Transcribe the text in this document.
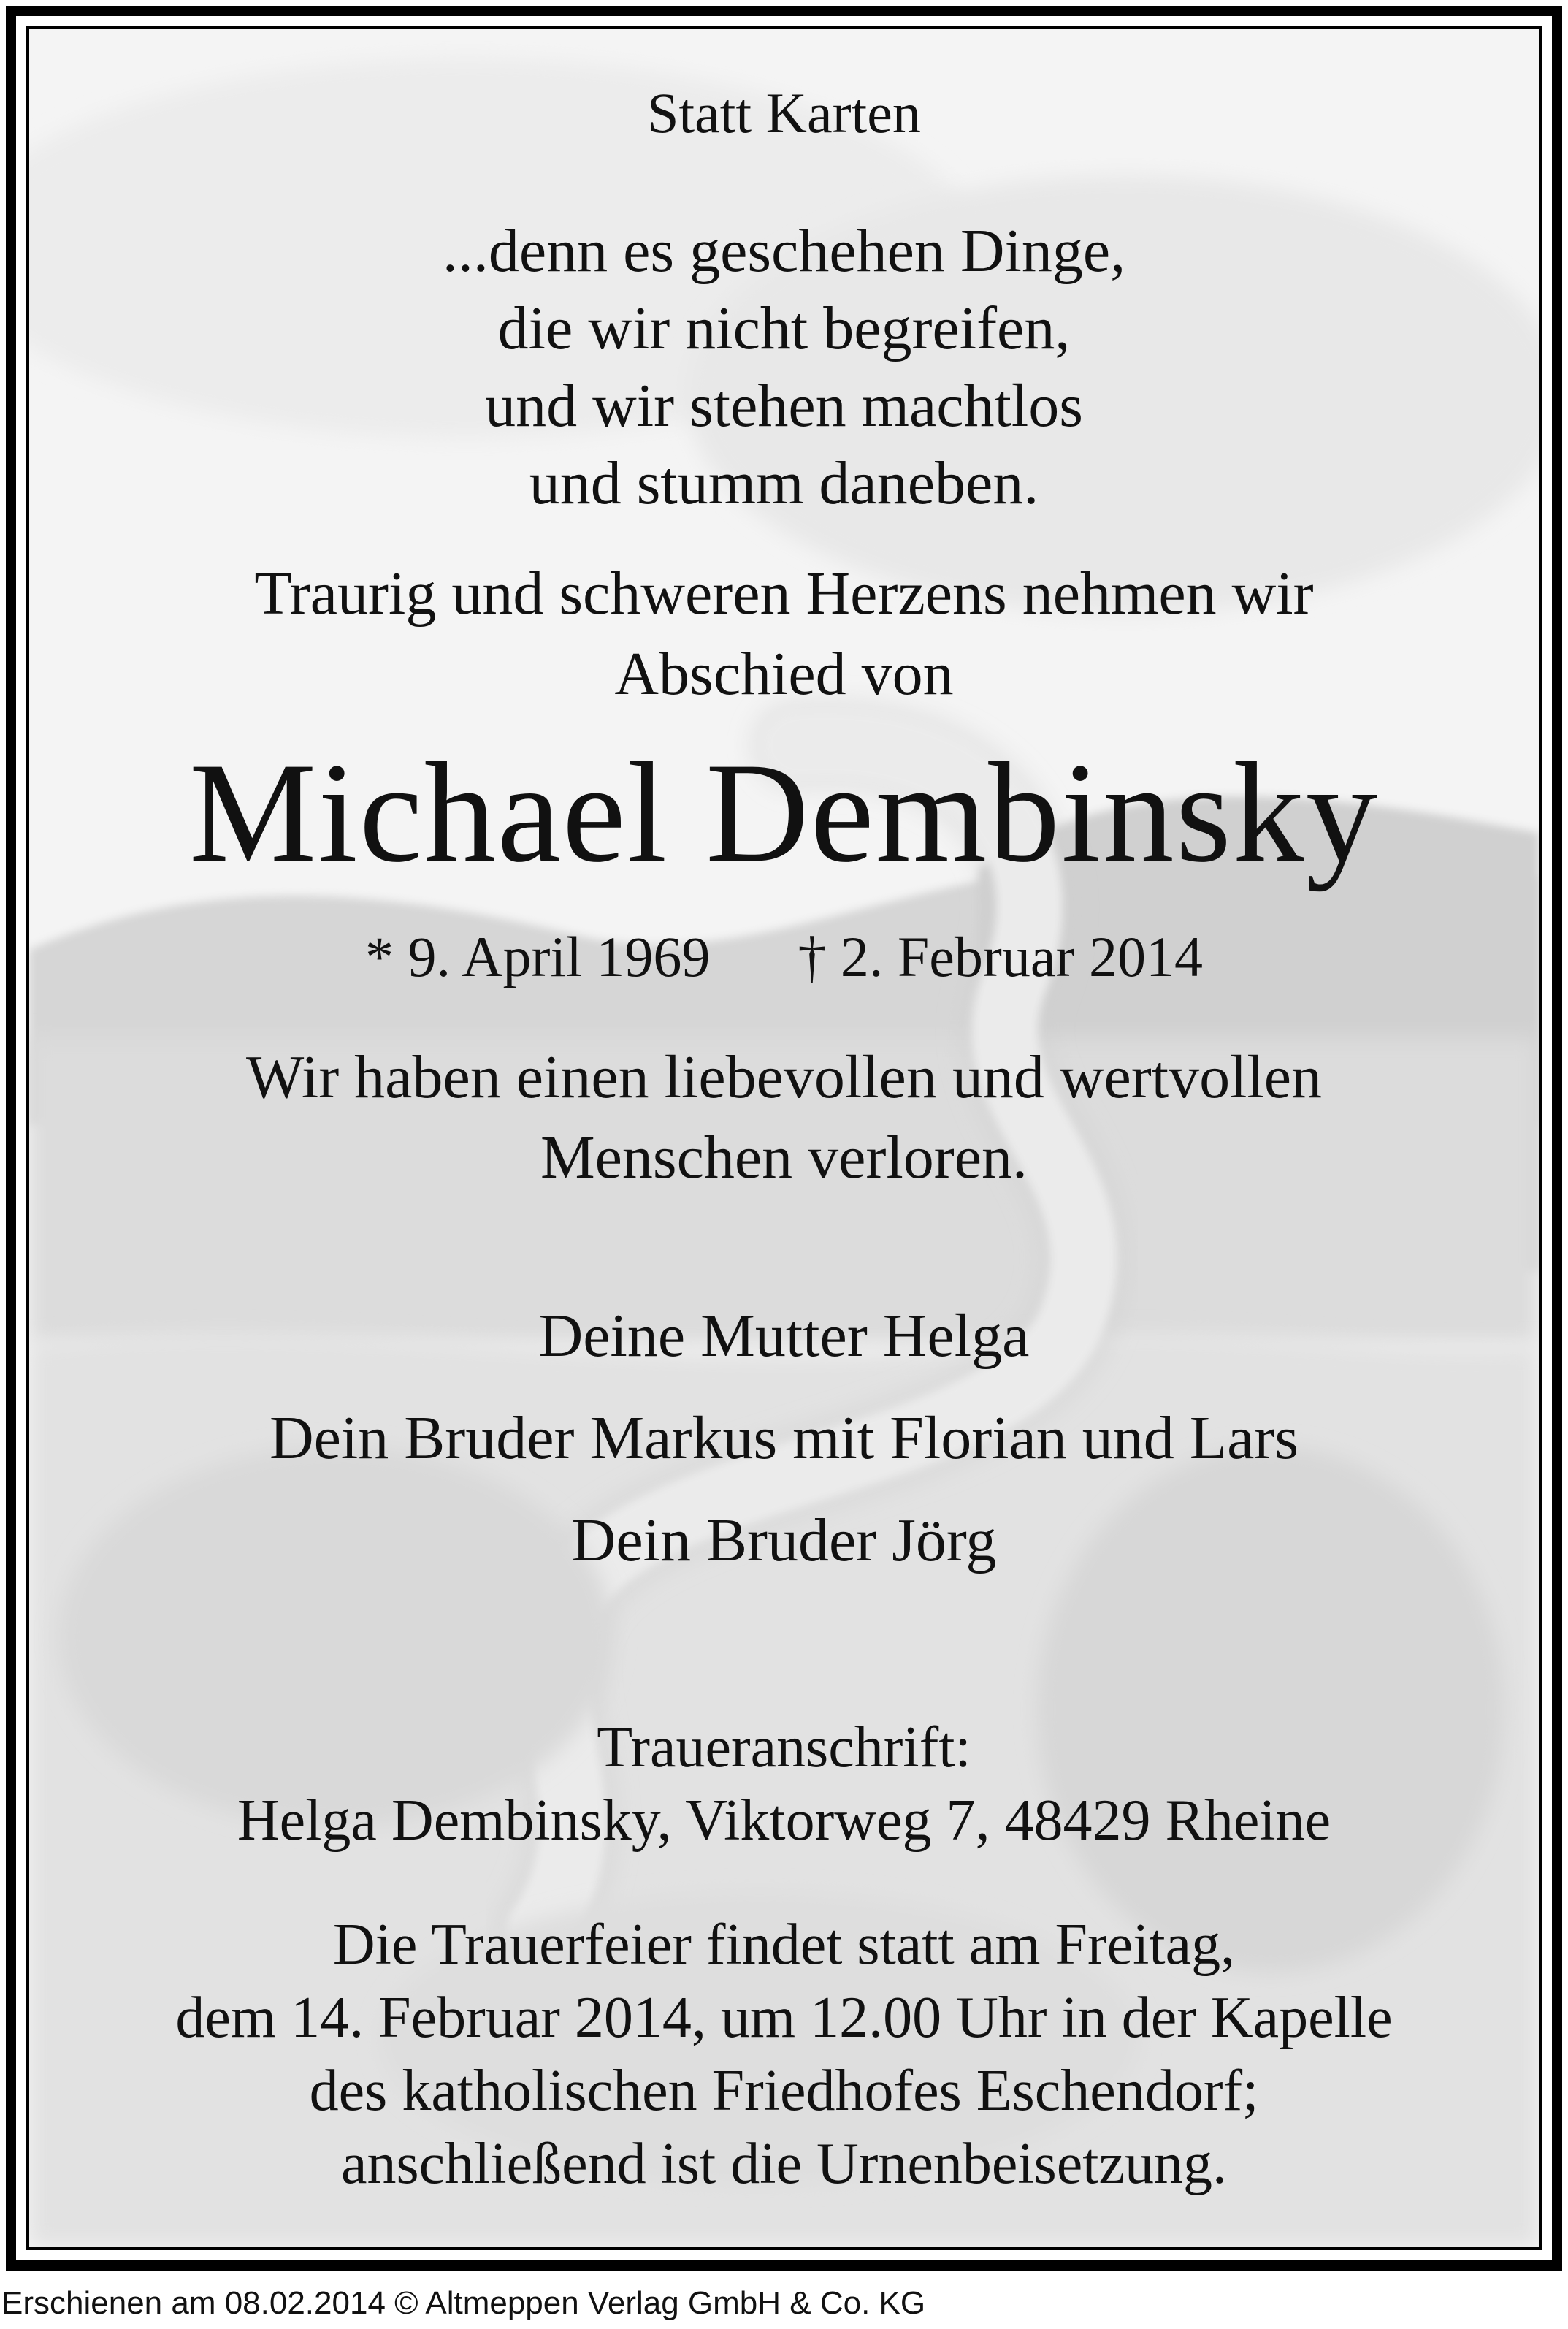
Statt Karten
...denn es geschehen Dinge,
die wir nicht begreifen,
und wir stehen machtlos
und stumm daneben.
Traurig und schweren Herzens nehmen wir
Abschied von
Michael Dembinsky
* 9. April 1969 † 2. Februar 2014
Wir haben einen liebevollen und wertvollen
Menschen verloren.
Deine Mutter Helga
Dein Bruder Markus mit Florian und Lars
Dein Bruder Jörg
Traueranschrift:
Helga Dembinsky, Viktorweg 7, 48429 Rheine
Die Trauerfeier findet statt am Freitag,
dem 14. Februar 2014, um 12.00 Uhr in der Kapelle
des katholischen Friedhofes Eschendorf;
anschließend ist die Urnenbeisetzung.
Erschienen am 08.02.2014 © Altmeppen Verlag GmbH & Co. KG
